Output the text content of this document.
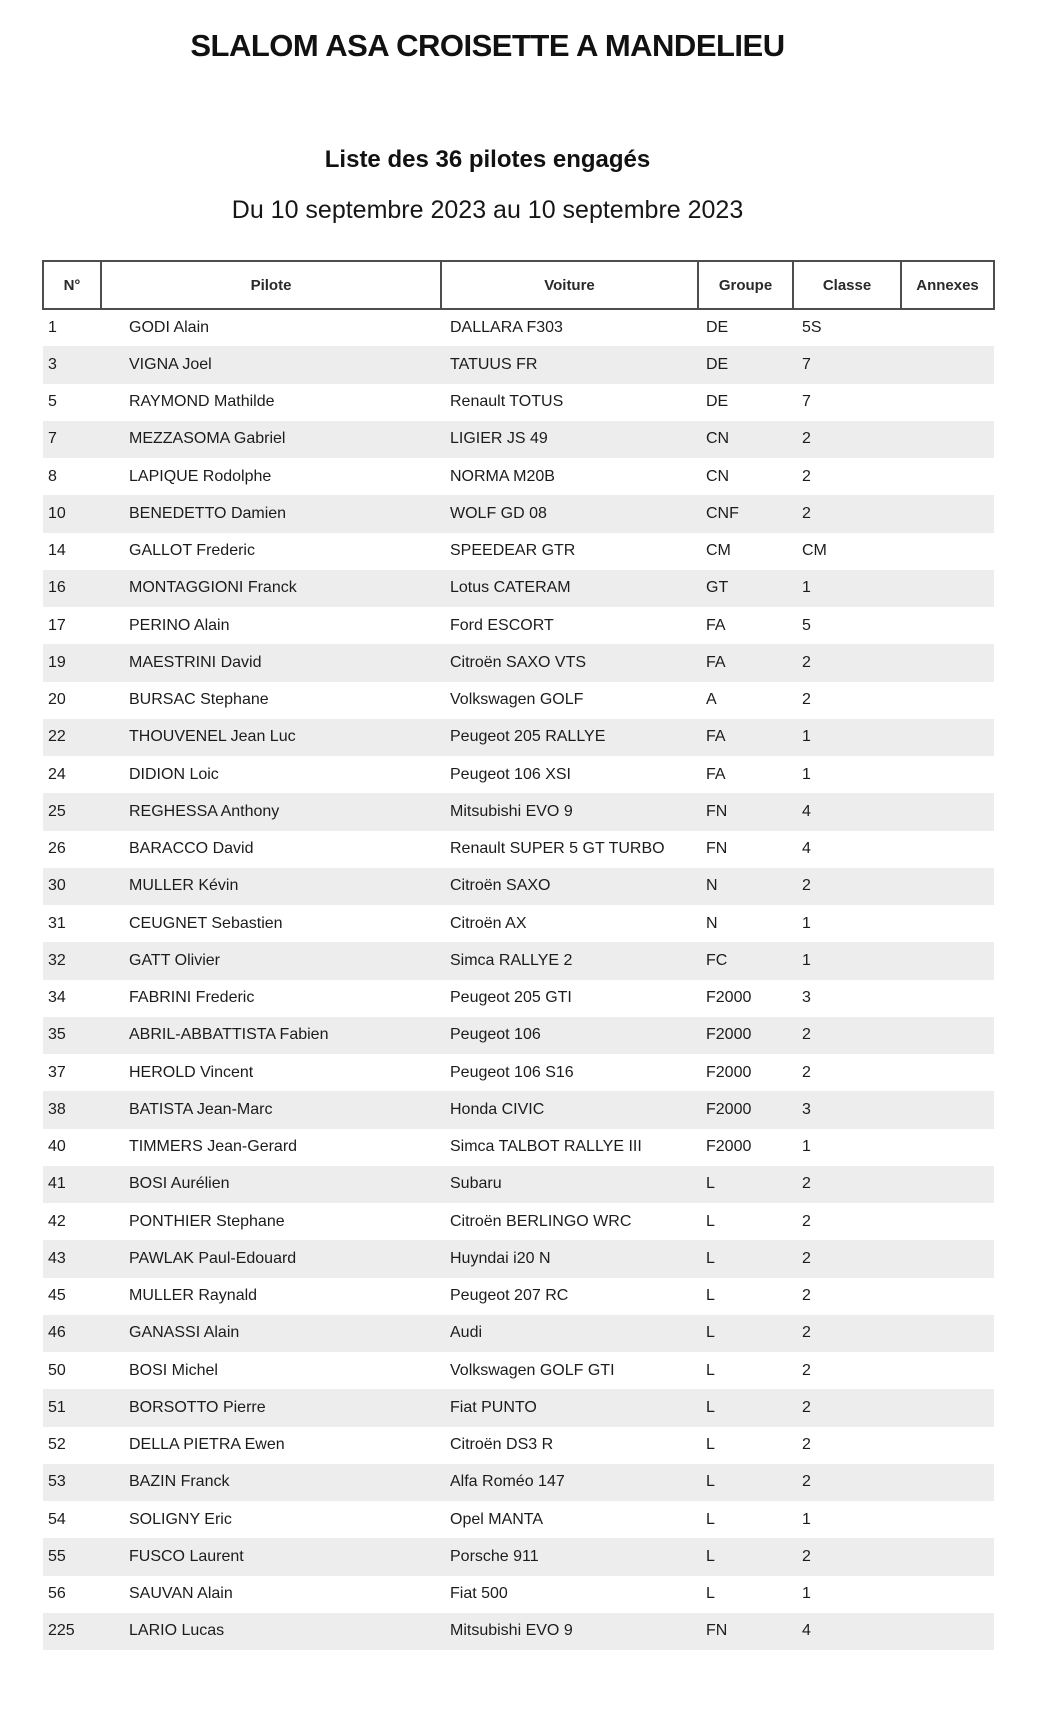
SLALOM ASA CROISETTE A MANDELIEU
Liste des 36 pilotes engagés
Du 10 septembre 2023 au 10 septembre 2023
N°	Pilote	Voiture	Groupe	Classe	Annexes
1	GODI Alain	DALLARA F303	DE	5S	
3	VIGNA Joel	TATUUS FR	DE	7	
5	RAYMOND Mathilde	Renault TOTUS	DE	7	
7	MEZZASOMA Gabriel	LIGIER JS 49	CN	2	
8	LAPIQUE Rodolphe	NORMA M20B	CN	2	
10	BENEDETTO Damien	WOLF GD 08	CNF	2	
14	GALLOT Frederic	SPEEDEAR GTR	CM	CM	
16	MONTAGGIONI Franck	Lotus CATERAM	GT	1	
17	PERINO Alain	Ford ESCORT	FA	5	
19	MAESTRINI David	Citroën SAXO VTS	FA	2	
20	BURSAC Stephane	Volkswagen GOLF	A	2	
22	THOUVENEL Jean Luc	Peugeot 205 RALLYE	FA	1	
24	DIDION Loic	Peugeot 106 XSI	FA	1	
25	REGHESSA Anthony	Mitsubishi EVO 9	FN	4	
26	BARACCO David	Renault SUPER 5 GT TURBO	FN	4	
30	MULLER Kévin	Citroën SAXO	N	2	
31	CEUGNET Sebastien	Citroën AX	N	1	
32	GATT Olivier	Simca RALLYE 2	FC	1	
34	FABRINI Frederic	Peugeot 205 GTI	F2000	3	
35	ABRIL-ABBATTISTA Fabien	Peugeot 106	F2000	2	
37	HEROLD Vincent	Peugeot 106 S16	F2000	2	
38	BATISTA Jean-Marc	Honda CIVIC	F2000	3	
40	TIMMERS Jean-Gerard	Simca TALBOT RALLYE III	F2000	1	
41	BOSI Aurélien	Subaru	L	2	
42	PONTHIER Stephane	Citroën BERLINGO WRC	L	2	
43	PAWLAK Paul-Edouard	Huyndai i20 N	L	2	
45	MULLER Raynald	Peugeot 207 RC	L	2	
46	GANASSI Alain	Audi	L	2	
50	BOSI Michel	Volkswagen GOLF GTI	L	2	
51	BORSOTTO Pierre	Fiat PUNTO	L	2	
52	DELLA PIETRA Ewen	Citroën DS3 R	L	2	
53	BAZIN Franck	Alfa Roméo 147	L	2	
54	SOLIGNY Eric	Opel MANTA	L	1	
55	FUSCO Laurent	Porsche 911	L	2	
56	SAUVAN Alain	Fiat 500	L	1	
225	LARIO Lucas	Mitsubishi EVO 9	FN	4	
